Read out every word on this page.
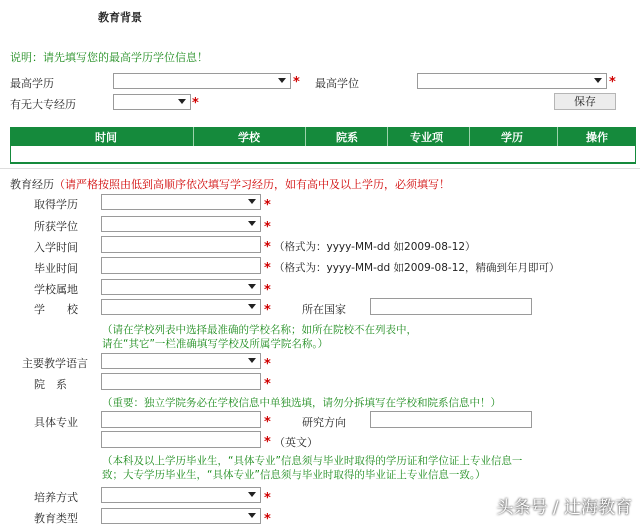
教育背景
说明：请先填写您的最高学历学位信息！
最高学历	* 最高学位	*
有无大专经历	*	保存
时间	学校	院系	专业项	学历	操作
教育经历（请严格按照由低到高顺序依次填写学习经历，如有高中及以上学历，必须填写！
取得学历	*
所获学位	*
入学时间	* （格式为：yyyy-MM-dd 如2009-08-12）
毕业时间	* （格式为：yyyy-MM-dd 如2009-08-12，精确到年月即可）
学校属地	*
学　　校	*	所在国家
（请在学校列表中选择最准确的学校名称；如所在院校不在列表中，
请在“其它”一栏准确填写学校及所属学院名称。）
主要教学语言	*
院　系	*
（重要：独立学院务必在学校信息中单独选填，请勿分拆填写在学校和院系信息中！）
具体专业	*	研究方向
* （英文）
（本科及以上学历毕业生，“具体专业”信息须与毕业时取得的学历证和学位证上专业信息一
致；大专学历毕业生，“具体专业”信息须与毕业时取得的毕业证上专业信息一致。）
培养方式	*
教育类型	*
头条号 / 辻海教育
